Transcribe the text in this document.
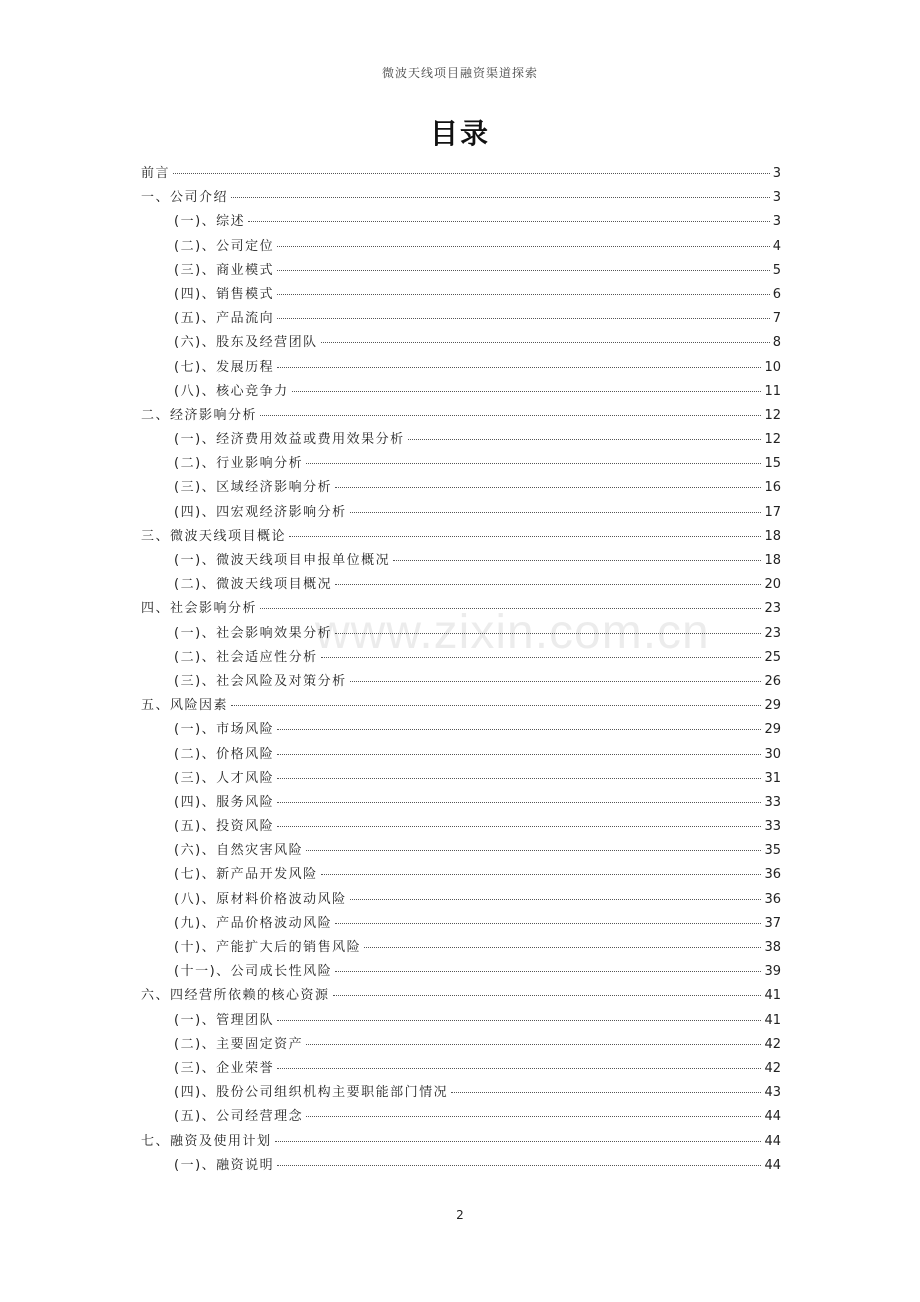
微波天线项目融资渠道探索
目录
前言	3
一、公司介绍	3
(一)、综述	3
(二)、公司定位	4
(三)、商业模式	5
(四)、销售模式	6
(五)、产品流向	7
(六)、股东及经营团队	8
(七)、发展历程	10
(八)、核心竞争力	11
二、经济影响分析	12
(一)、经济费用效益或费用效果分析	12
(二)、行业影响分析	15
(三)、区域经济影响分析	16
(四)、四宏观经济影响分析	17
三、微波天线项目概论	18
(一)、微波天线项目申报单位概况	18
(二)、微波天线项目概况	20
四、社会影响分析	23
(一)、社会影响效果分析	23
(二)、社会适应性分析	25
(三)、社会风险及对策分析	26
五、风险因素	29
(一)、市场风险	29
(二)、价格风险	30
(三)、人才风险	31
(四)、服务风险	33
(五)、投资风险	33
(六)、自然灾害风险	35
(七)、新产品开发风险	36
(八)、原材料价格波动风险	36
(九)、产品价格波动风险	37
(十)、产能扩大后的销售风险	38
(十一)、公司成长性风险	39
六、四经营所依赖的核心资源	41
(一)、管理团队	41
(二)、主要固定资产	42
(三)、企业荣誉	42
(四)、股份公司组织机构主要职能部门情况	43
(五)、公司经营理念	44
七、融资及使用计划	44
(一)、融资说明	44
www.zixin.com.cn
2
